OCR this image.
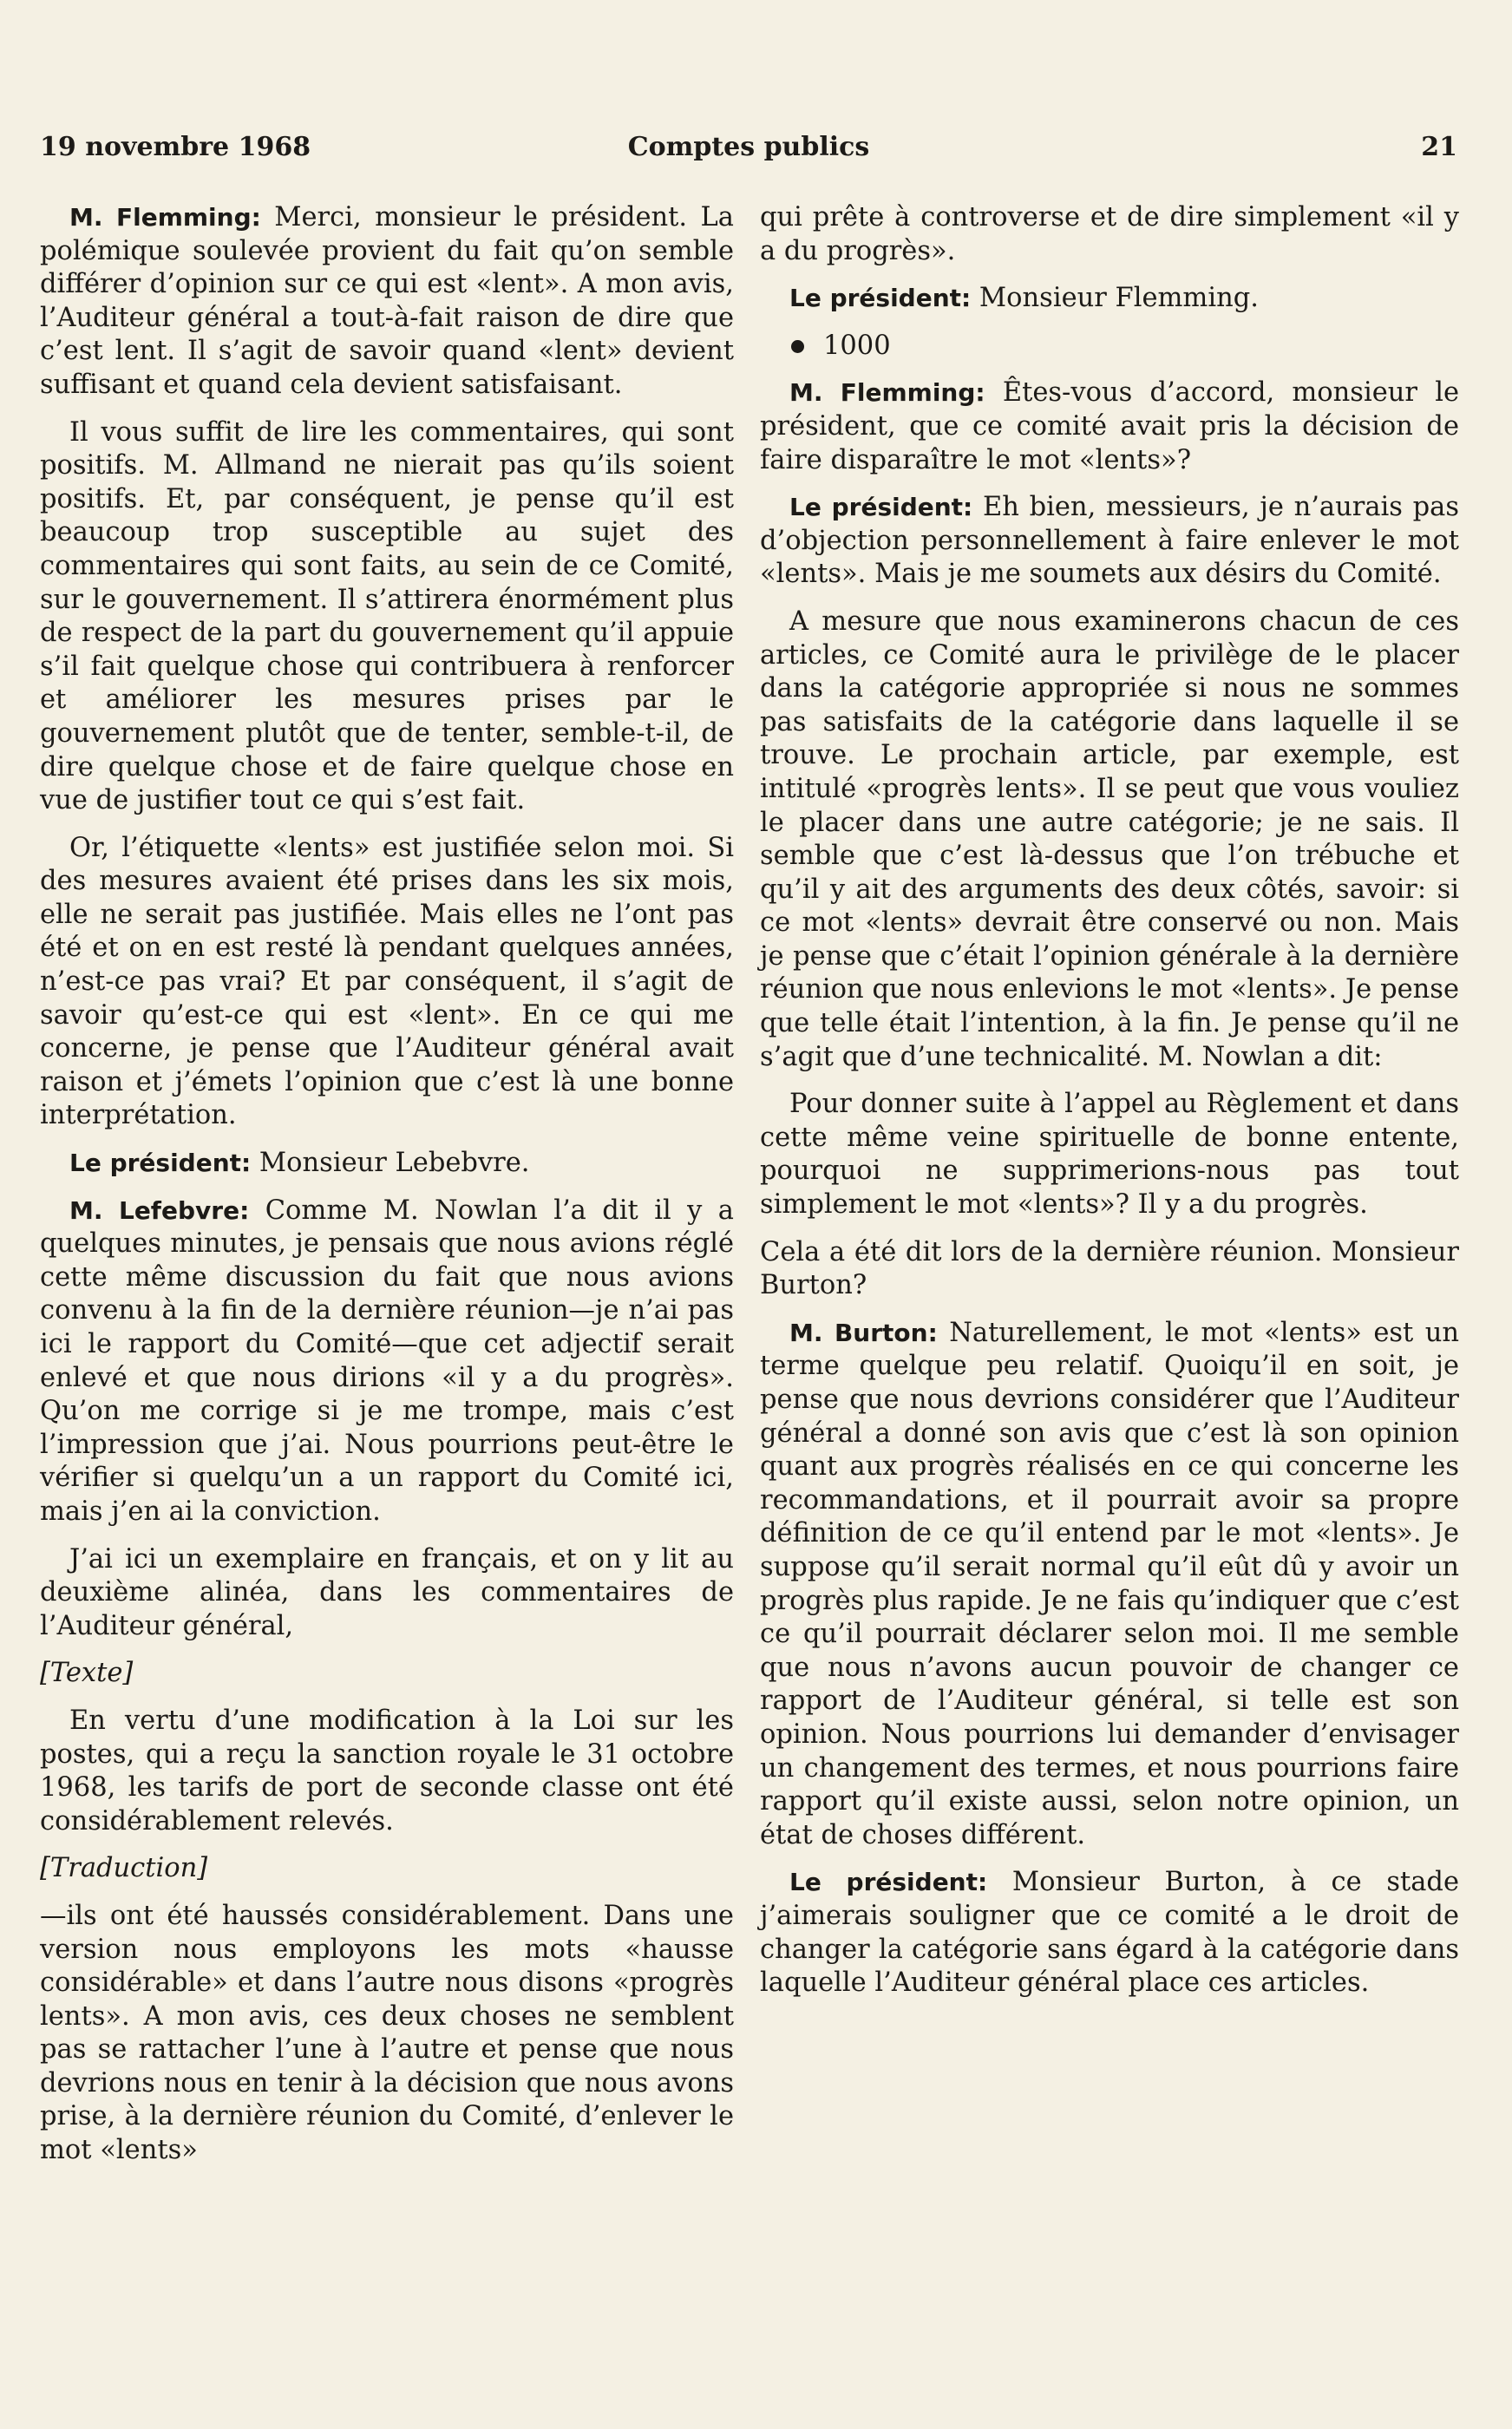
19 novembre 1968	Comptes publics	21

M. Flemming: Merci, monsieur le président. La polémique soulevée provient du fait qu’on semble différer d’opinion sur ce qui est «lent». A mon avis, l’Auditeur général a tout-à-fait raison de dire que c’est lent. Il s’agit de savoir quand «lent» devient suffisant et quand cela devient satisfaisant.

Il vous suffit de lire les commentaires, qui sont positifs. M. Allmand ne nierait pas qu’ils soient positifs. Et, par conséquent, je pense qu’il est beaucoup trop susceptible au sujet des commentaires qui sont faits, au sein de ce Comité, sur le gouvernement. Il s’attirera énormément plus de respect de la part du gouvernement qu’il appuie s’il fait quelque chose qui contribuera à renforcer et améliorer les mesures prises par le gouvernement plutôt que de tenter, semble-t-il, de dire quelque chose et de faire quelque chose en vue de justifier tout ce qui s’est fait.

Or, l’étiquette «lents» est justifiée selon moi. Si des mesures avaient été prises dans les six mois, elle ne serait pas justifiée. Mais elles ne l’ont pas été et on en est resté là pendant quelques années, n’est-ce pas vrai? Et par conséquent, il s’agit de savoir qu’est-ce qui est «lent». En ce qui me concerne, je pense que l’Auditeur général avait raison et j’émets l’opinion que c’est là une bonne interprétation.

Le président: Monsieur Lebebvre.

M. Lefebvre: Comme M. Nowlan l’a dit il y a quelques minutes, je pensais que nous avions réglé cette même discussion du fait que nous avions convenu à la fin de la dernière réunion—je n’ai pas ici le rapport du Comité—que cet adjectif serait enlevé et que nous dirions «il y a du progrès». Qu’on me corrige si je me trompe, mais c’est l’impression que j’ai. Nous pourrions peut-être le vérifier si quelqu’un a un rapport du Comité ici, mais j’en ai la conviction.

J’ai ici un exemplaire en français, et on y lit au deuxième alinéa, dans les commentaires de l’Auditeur général,

[Texte]

En vertu d’une modification à la Loi sur les postes, qui a reçu la sanction royale le 31 octobre 1968, les tarifs de port de seconde classe ont été considérablement relevés.

[Traduction]

—ils ont été haussés considérablement. Dans une version nous employons les mots «hausse considérable» et dans l’autre nous disons «progrès lents». A mon avis, ces deux choses ne semblent pas se rattacher l’une à l’autre et pense que nous devrions nous en tenir à la décision que nous avons prise, à la dernière réunion du Comité, d’enlever le mot «lents»

qui prête à controverse et de dire simplement «il y a du progrès».

Le président: Monsieur Flemming.

1000

M. Flemming: Êtes-vous d’accord, monsieur le président, que ce comité avait pris la décision de faire disparaître le mot «lents»?

Le président: Eh bien, messieurs, je n’aurais pas d’objection personnellement à faire enlever le mot «lents». Mais je me soumets aux désirs du Comité.

A mesure que nous examinerons chacun de ces articles, ce Comité aura le privilège de le placer dans la catégorie appropriée si nous ne sommes pas satisfaits de la catégorie dans laquelle il se trouve. Le prochain article, par exemple, est intitulé «progrès lents». Il se peut que vous vouliez le placer dans une autre catégorie; je ne sais. Il semble que c’est là-dessus que l’on trébuche et qu’il y ait des arguments des deux côtés, savoir: si ce mot «lents» devrait être conservé ou non. Mais je pense que c’était l’opinion générale à la dernière réunion que nous enlevions le mot «lents». Je pense que telle était l’intention, à la fin. Je pense qu’il ne s’agit que d’une technicalité. M. Nowlan a dit:

Pour donner suite à l’appel au Règlement et dans cette même veine spirituelle de bonne entente, pourquoi ne supprimerions-nous pas tout simplement le mot «lents»? Il y a du progrès.

Cela a été dit lors de la dernière réunion. Monsieur Burton?

M. Burton: Naturellement, le mot «lents» est un terme quelque peu relatif. Quoiqu’il en soit, je pense que nous devrions considérer que l’Auditeur général a donné son avis que c’est là son opinion quant aux progrès réalisés en ce qui concerne les recommandations, et il pourrait avoir sa propre définition de ce qu’il entend par le mot «lents». Je suppose qu’il serait normal qu’il eût dû y avoir un progrès plus rapide. Je ne fais qu’indiquer que c’est ce qu’il pourrait déclarer selon moi. Il me semble que nous n’avons aucun pouvoir de changer ce rapport de l’Auditeur général, si telle est son opinion. Nous pourrions lui demander d’envisager un changement des termes, et nous pourrions faire rapport qu’il existe aussi, selon notre opinion, un état de choses différent.

Le président: Monsieur Burton, à ce stade j’aimerais souligner que ce comité a le droit de changer la catégorie sans égard à la catégorie dans laquelle l’Auditeur général place ces articles.
